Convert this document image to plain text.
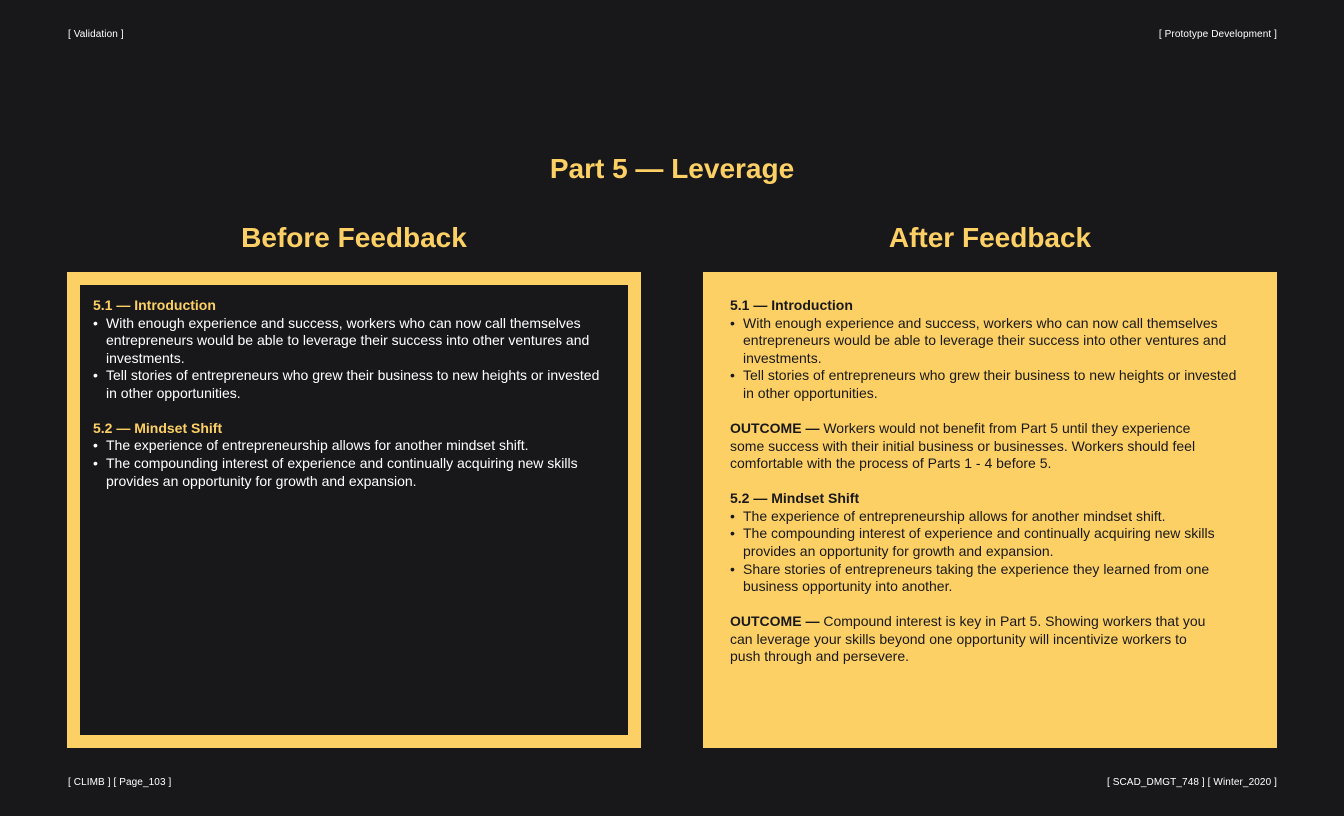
[ Validation ]	[ Prototype Development ]
Part 5 — Leverage
Before Feedback	After Feedback
5.1 — Introduction
• With enough experience and success, workers who can now call themselves entrepreneurs would be able to leverage their success into other ventures and investments.
• Tell stories of entrepreneurs who grew their business to new heights or invested in other opportunities.
5.2 — Mindset Shift
• The experience of entrepreneurship allows for another mindset shift.
• The compounding interest of experience and continually acquiring new skills provides an opportunity for growth and expansion.
5.1 — Introduction
• With enough experience and success, workers who can now call themselves entrepreneurs would be able to leverage their success into other ventures and investments.
• Tell stories of entrepreneurs who grew their business to new heights or invested in other opportunities.
OUTCOME — Workers would not benefit from Part 5 until they experience some success with their initial business or businesses. Workers should feel comfortable with the process of Parts 1 - 4 before 5.
5.2 — Mindset Shift
• The experience of entrepreneurship allows for another mindset shift.
• The compounding interest of experience and continually acquiring new skills provides an opportunity for growth and expansion.
• Share stories of entrepreneurs taking the experience they learned from one business opportunity into another.
OUTCOME — Compound interest is key in Part 5. Showing workers that you can leverage your skills beyond one opportunity will incentivize workers to push through and persevere.
[ CLIMB ] [ Page_103 ]	[ SCAD_DMGT_748 ] [ Winter_2020 ]
